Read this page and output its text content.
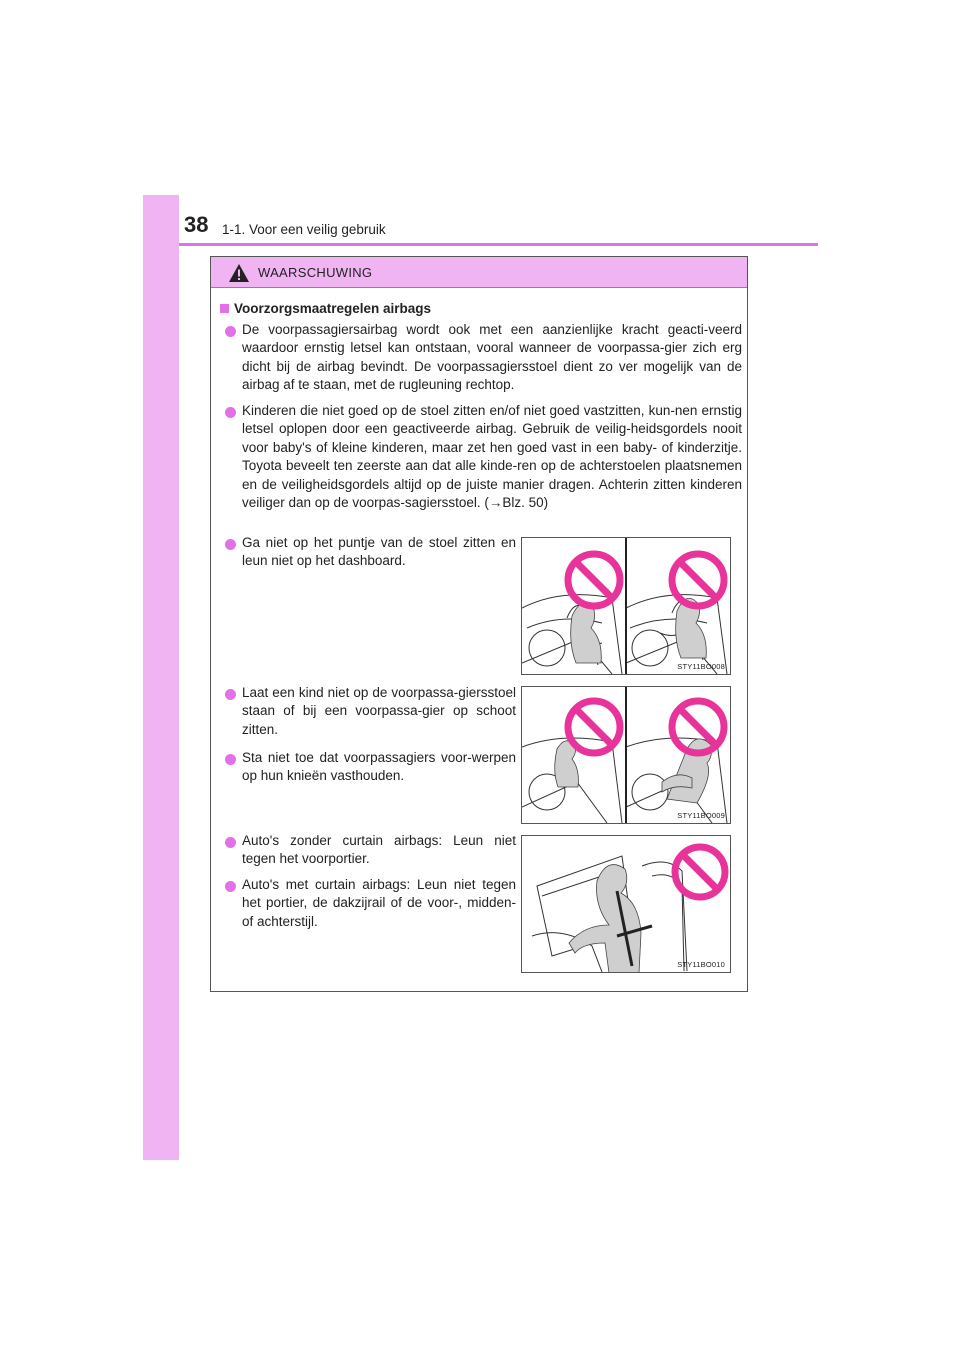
38 1-1. Voor een veilig gebruik
WAARSCHUWING
Voorzorgsmaatregelen airbags
De voorpassagiersairbag wordt ook met een aanzienlijke kracht geacti-veerd waardoor ernstig letsel kan ontstaan, vooral wanneer de voorpassa-gier zich erg dicht bij de airbag bevindt. De voorpassagiersstoel dient zo ver mogelijk van de airbag af te staan, met de rugleuning rechtop.
Kinderen die niet goed op de stoel zitten en/of niet goed vastzitten, kun-nen ernstig letsel oplopen door een geactiveerde airbag. Gebruik de veilig-heidsgordels nooit voor baby's of kleine kinderen, maar zet hen goed vast in een baby- of kinderzitje. Toyota beveelt ten zeerste aan dat alle kinde-ren op de achterstoelen plaatsnemen en de veiligheidsgordels altijd op de juiste manier dragen. Achterin zitten kinderen veiliger dan op de voorpas-sagiersstoel. (→Blz. 50)
Ga niet op het puntje van de stoel zitten en leun niet op het dashboard.
Laat een kind niet op de voorpassa-giersstoel staan of bij een voorpassa-gier op schoot zitten.
Sta niet toe dat voorpassagiers voor-werpen op hun knieën vasthouden.
Auto's zonder curtain airbags: Leun niet tegen het voorportier.
Auto's met curtain airbags: Leun niet tegen het portier, de dakzijrail of de voor-, midden- of achterstijl.
STY11BO008
STY11BO009
STY11BO010
